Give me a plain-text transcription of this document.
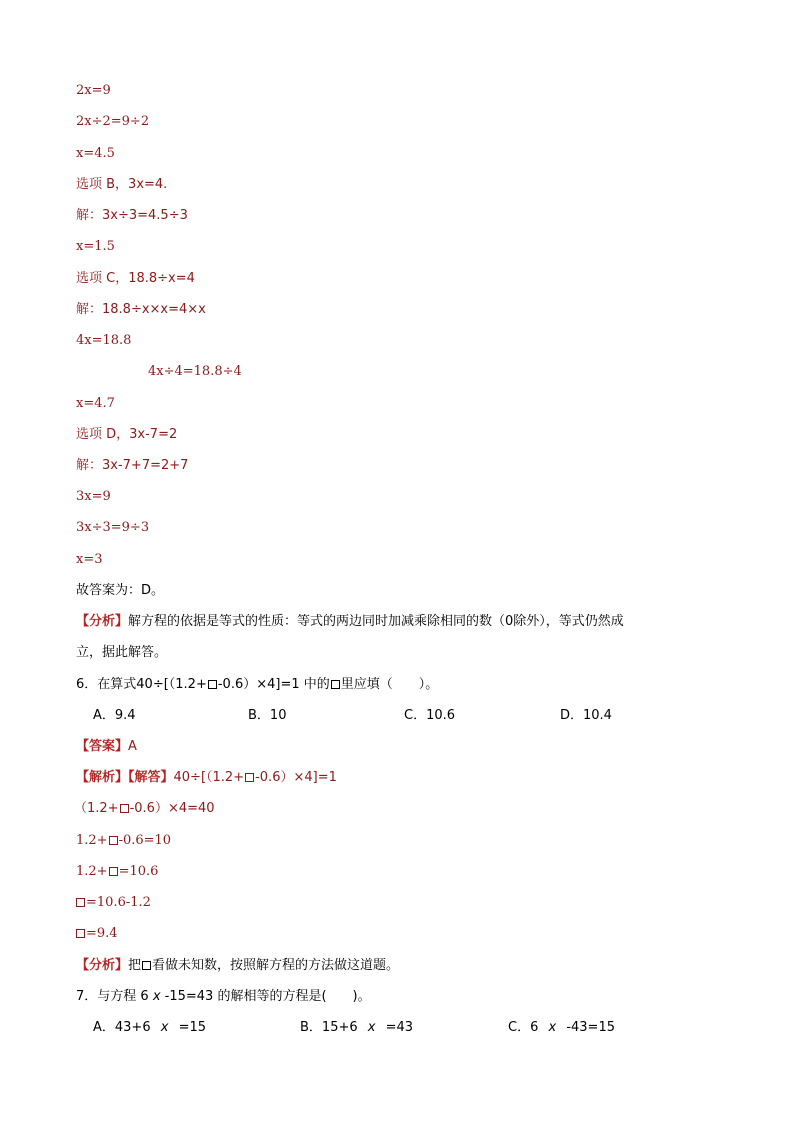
2x=9
2x÷2=9÷2
x=4.5
选项 B，3x=4.
解：3x÷3=4.5÷3
x=1.5
选项 C，18.8÷x=4
解：18.8÷x×x=4×x
4x=18.8
4x÷4=18.8÷4
x=4.7
选项 D，3x-7=2
解：3x-7+7=2+7
3x=9
3x÷3=9÷3
x=3
故答案为：D。
【分析】解方程的依据是等式的性质：等式的两边同时加减乘除相同的数（0除外），等式仍然成
立，据此解答。
6．在算式40÷[（1.2+ -0.6）×4]=1 中的 里应填（　　）。
A．9.4	B．10	C．10.6	D．10.4
【答案】A
【解析】【解答】40÷[（1.2+ -0.6）×4]=1
（1.2+ -0.6）×4=40
1.2+ -0.6=10
1.2+ =10.6
=10.6-1.2
=9.4
【分析】把 看做未知数，按照解方程的方法做这道题。
7．与方程 6 x -15=43 的解相等的方程是(　　)。
A．43+6 x =15	B．15+6 x =43	C．6 x -43=15
